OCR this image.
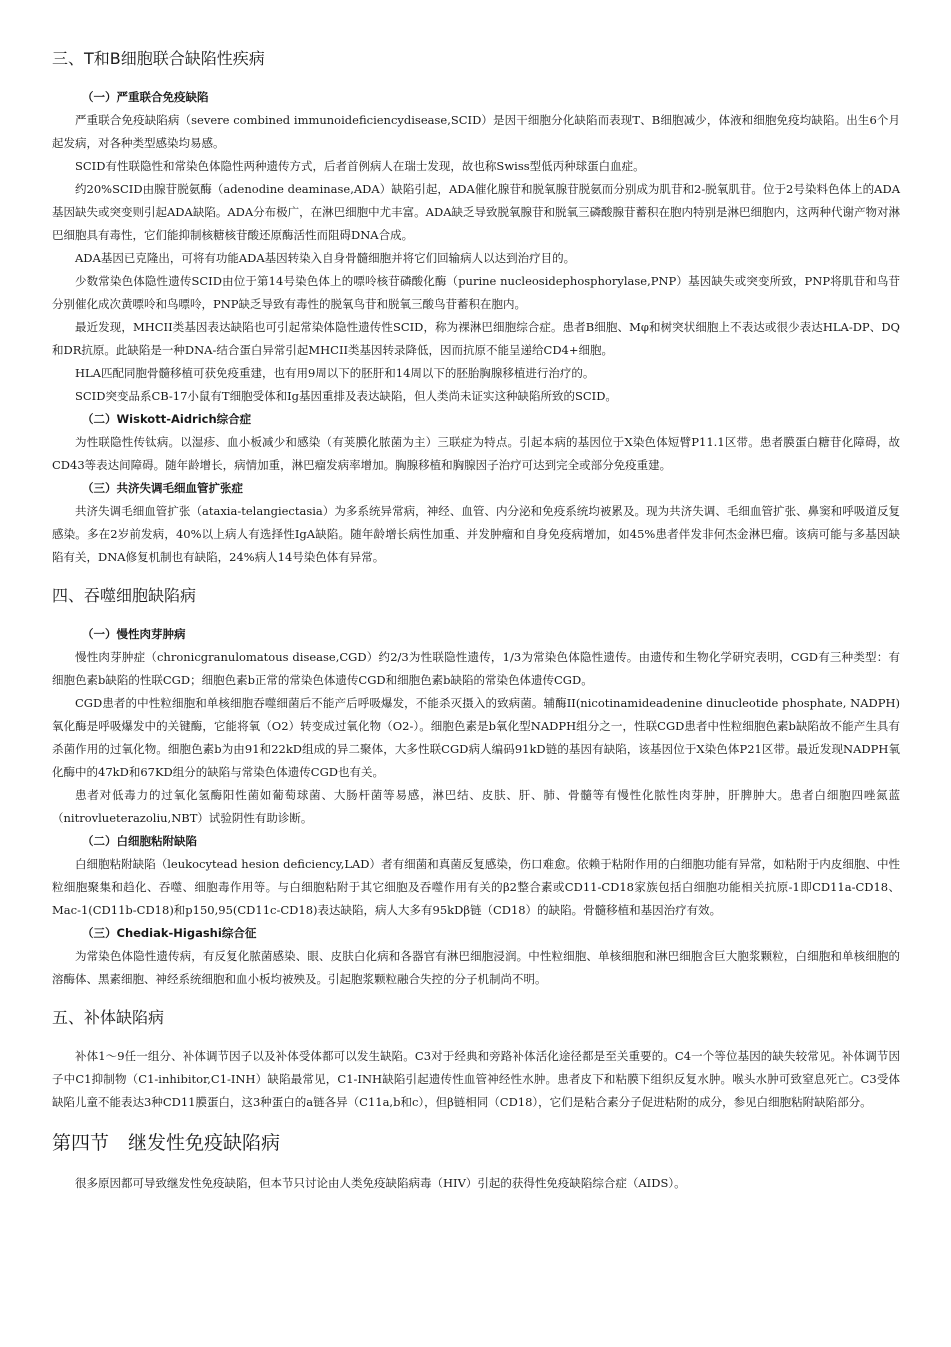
三、T和B细胞联合缺陷性疾病
（一）严重联合免疫缺陷

严重联合免疫缺陷病（severe combined immunoideficiencydisease,SCID）是因干细胞分化缺陷而表现T、B细胞减少，体液和细胞免疫均缺陷。出生6个月起发病，对各种类型感染均易感。

SCID有性联隐性和常染色体隐性两种遗传方式，后者首例病人在瑞士发现，故也称Swiss型低丙种球蛋白血症。

约20%SCID由腺苷脱氨酶（adenodine deaminase,ADA）缺陷引起，ADA催化腺苷和脱氧腺苷脱氨而分别成为肌苷和2-脱氧肌苷。位于2号染料色体上的ADA基因缺失或突变则引起ADA缺陷。ADA分布极广，在淋巴细胞中尤丰富。ADA缺乏导致脱氧腺苷和脱氧三磷酸腺苷蓄积在胞内特别是淋巴细胞内，这两种代谢产物对淋巴细胞具有毒性，它们能抑制核糖核苷酸还原酶活性而阻碍DNA合成。

ADA基因已克隆出，可将有功能ADA基因转染入自身骨髓细胞并将它们回输病人以达到治疗目的。

少数常染色体隐性遗传SCID由位于第14号染色体上的嘌呤核苷磷酸化酶（purine nucleosidephosphorylase,PNP）基因缺失或突变所致，PNP将肌苷和鸟苷分别催化成次黄嘌呤和鸟嘌呤，PNP缺乏导致有毒性的脱氧鸟苷和脱氧三酸鸟苷蓄积在胞内。

最近发现，MHCII类基因表达缺陷也可引起常染体隐性遗传性SCID，称为裸淋巴细胞综合症。患者B细胞、Mφ和树突状细胞上不表达或很少表达HLA-DP、DQ和DR抗原。此缺陷是一种DNA-结合蛋白异常引起MHCII类基因转录降低，因而抗原不能呈递给CD4+细胞。

HLA匹配同胞骨髓移植可获免疫重建，也有用9周以下的胚肝和14周以下的胚胎胸腺移植进行治疗的。

SCID突变品系CB-17小鼠有T细胞受体和Ig基因重排及表达缺陷，但人类尚未证实这种缺陷所致的SCID。

（二）Wiskott-Aidrich综合症

为性联隐性传钛病。以湿疹、血小板减少和感染（有荚膜化脓菌为主）三联症为特点。引起本病的基因位于X染色体短臂P11.1区带。患者膜蛋白糖苷化障碍，故CD43等表达间障碍。随年龄增长，病情加重，淋巴瘤发病率增加。胸腺移植和胸腺因子治疗可达到完全或部分免疫重建。

（三）共济失调毛细血管扩张症

共济失调毛细血管扩张（ataxia-telangiectasia）为多系统异常病，神经、血管、内分泌和免疫系统均被累及。现为共济失调、毛细血管扩张、鼻窦和呼吸道反复感染。多在2岁前发病，40%以上病人有选择性IgA缺陷。随年龄增长病性加重、并发肿瘤和自身免疫病增加，如45%患者伴发非何杰金淋巴瘤。该病可能与多基因缺陷有关，DNA修复机制也有缺陷，24%病人14号染色体有异常。

四、吞噬细胞缺陷病
（一）慢性肉芽肿病

慢性肉芽肿症（chronicgranulomatous disease,CGD）约2/3为性联隐性遗传，1/3为常染色体隐性遗传。由遗传和生物化学研究表明，CGD有三种类型：有细胞色素b缺陷的性联CGD；细胞色素b正常的常染色体遗传CGD和细胞色素b缺陷的常染色体遗传CGD。

CGD患者的中性粒细胞和单核细胞吞噬细菌后不能产后呼吸爆发，不能杀灭摄入的致病菌。辅酶II(nicotinamideadenine dinucleotide phosphate, NADPH)氧化酶是呼吸爆发中的关键酶，它能将氧（O2）转变成过氧化物（O2-）。细胞色素是b氧化型NADPH组分之一，性联CGD患者中性粒细胞色素b缺陷故不能产生具有杀菌作用的过氧化物。细胞色素b为由91和22kD组成的异二聚体，大多性联CGD病人编码91kD链的基因有缺陷，该基因位于X染色体P21区带。最近发现NADPH氧化酶中的47kD和67KD组分的缺陷与常染色体遗传CGD也有关。

患者对低毒力的过氧化氢酶阳性菌如葡萄球菌、大肠杆菌等易感，淋巴结、皮肤、肝、肺、骨髓等有慢性化脓性肉芽肿，肝脾肿大。患者白细胞四唑氮蓝（nitrovlueterazoliu,NBT）试验阴性有助诊断。

（二）白细胞粘附缺陷

白细胞粘附缺陷（leukocytead hesion deficiency,LAD）者有细菌和真菌反复感染，伤口难愈。依赖于粘附作用的白细胞功能有异常，如粘附于内皮细胞、中性粒细胞聚集和趋化、吞噬、细胞毒作用等。与白细胞粘附于其它细胞及吞噬作用有关的β2整合素或CD11-CD18家族包括白细胞功能相关抗原-1即CD11a-CD18、Mac-1(CD11b-CD18)和p150,95(CD11c-CD18)表达缺陷，病人大多有95kDβ链（CD18）的缺陷。骨髓移植和基因治疗有效。

（三）Chediak-Higashi综合征

为常染色体隐性遗传病，有反复化脓菌感染、眼、皮肤白化病和各器官有淋巴细胞浸润。中性粒细胞、单核细胞和淋巴细胞含巨大胞浆颗粒，白细胞和单核细胞的溶酶体、黑素细胞、神经系统细胞和血小板均被殃及。引起胞浆颗粒融合失控的分子机制尚不明。

五、补体缺陷病

补体1～9任一组分、补体调节因子以及补体受体都可以发生缺陷。C3对于经典和旁路补体活化途径都是至关重要的。C4一个等位基因的缺失较常见。补体调节因子中C1抑制物（C1-inhibitor,C1-INH）缺陷最常见，C1-INH缺陷引起遗传性血管神经性水肿。患者皮下和粘膜下组织反复水肿。喉头水肿可致窒息死亡。C3受体缺陷儿童不能表达3种CD11膜蛋白，这3种蛋白的a链各异（C11a,b和c），但β链相同（CD18），它们是粘合素分子促进粘附的成分，参见白细胞粘附缺陷部分。

第四节　继发性免疫缺陷病

很多原因都可导致继发性免疫缺陷，但本节只讨论由人类免疫缺陷病毒（HIV）引起的获得性免疫缺陷综合症（AIDS）。
